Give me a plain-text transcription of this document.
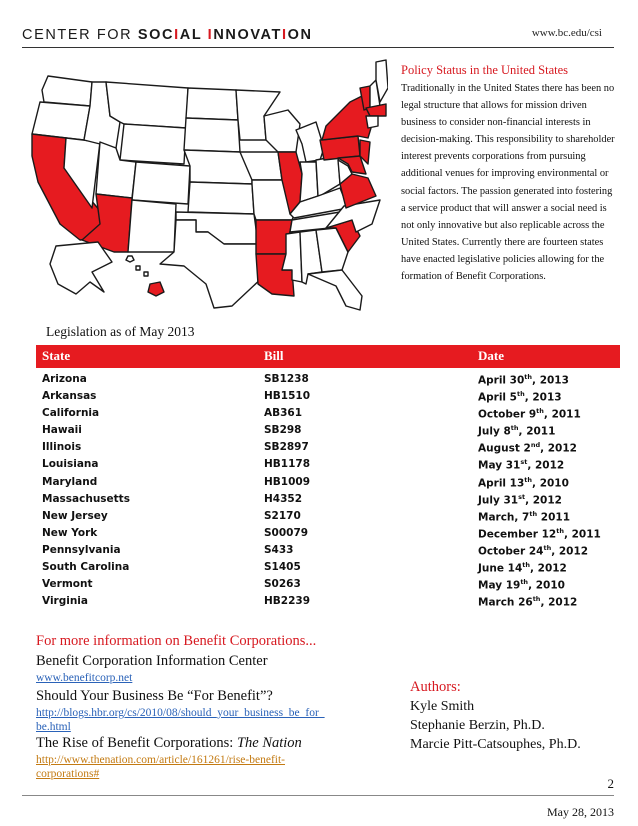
CENTER FOR SOCIAL INNOVATION	www.bc.edu/csi
Policy Status in the United States
Traditionally in the United States there has been no legal structure that allows for mission driven business to consider non-financial interests in decision-making. This responsibility to shareholder interest prevents corporations from pursuing additional venues for improving environmental or social factors. The passion generated into fostering a service product that will answer a social need is not only innovative but also replicable across the United States. Currently there are fourteen states have enacted legislative policies allowing for the formation of Benefit Corporations.
Legislation as of May 2013
State	Bill	Date
Arizona	SB1238	April 30th, 2013
Arkansas	HB1510	April 5th, 2013
California	AB361	October 9th, 2011
Hawaii	SB298	July 8th, 2011
Illinois	SB2897	August 2nd, 2012
Louisiana	HB1178	May 31st, 2012
Maryland	HB1009	April 13th, 2010
Massachusetts	H4352	July 31st, 2012
New Jersey	S2170	March, 7th 2011
New York	S00079	December 12th, 2011
Pennsylvania	S433	October 24th, 2012
South Carolina	S1405	June 14th, 2012
Vermont	S0263	May 19th, 2010
Virginia	HB2239	March 26th, 2012
For more information on Benefit Corporations...
Benefit Corporation Information Center
www.benefitcorp.net
Should Your Business Be “For Benefit”?
http://blogs.hbr.org/cs/2010/08/should_your_business_be_for_be.html
The Rise of Benefit Corporations: The Nation
http://www.thenation.com/article/161261/rise-benefit-corporations#
Authors:
Kyle Smith
Stephanie Berzin, Ph.D.
Marcie Pitt-Catsouphes, Ph.D.
2
May 28, 2013
